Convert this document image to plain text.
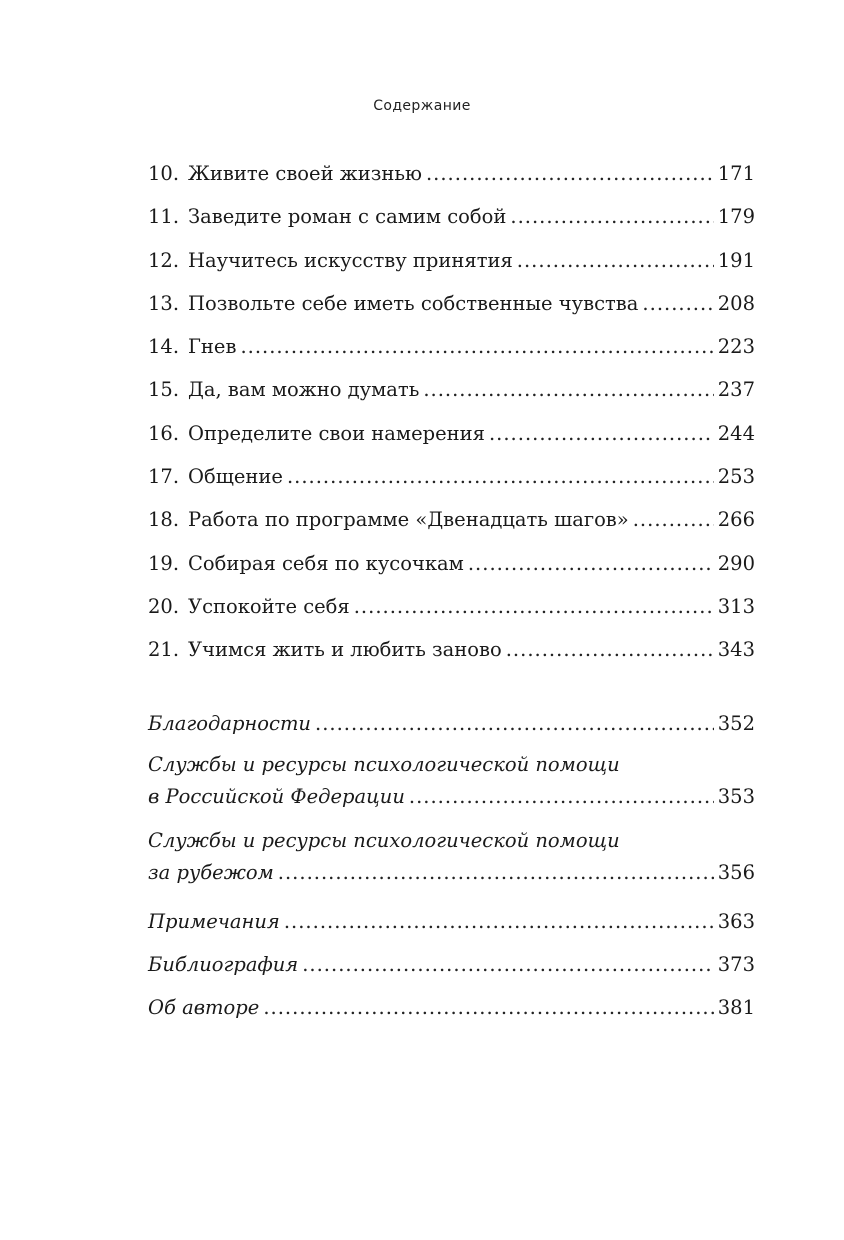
Содержание
10. Живите своей жизнью .....	171
11. Заведите роман с самим собой .....	179
12. Научитесь искусству принятия .....	191
13. Позвольте себе иметь собственные чувства .....	208
14. Гнев .....	223
15. Да, вам можно думать .....	237
16. Определите свои намерения .....	244
17. Общение .....	253
18. Работа по программе «Двенадцать шагов» .....	266
19. Собирая себя по кусочкам .....	290
20. Успокойте себя .....	313
21. Учимся жить и любить заново .....	343
Благодарности .....	352
Службы и ресурсы психологической помощи
в Российской Федерации .....	353
Службы и ресурсы психологической помощи
за рубежом .....	356
Примечания .....	363
Библиография .....	373
Об авторе .....	381
